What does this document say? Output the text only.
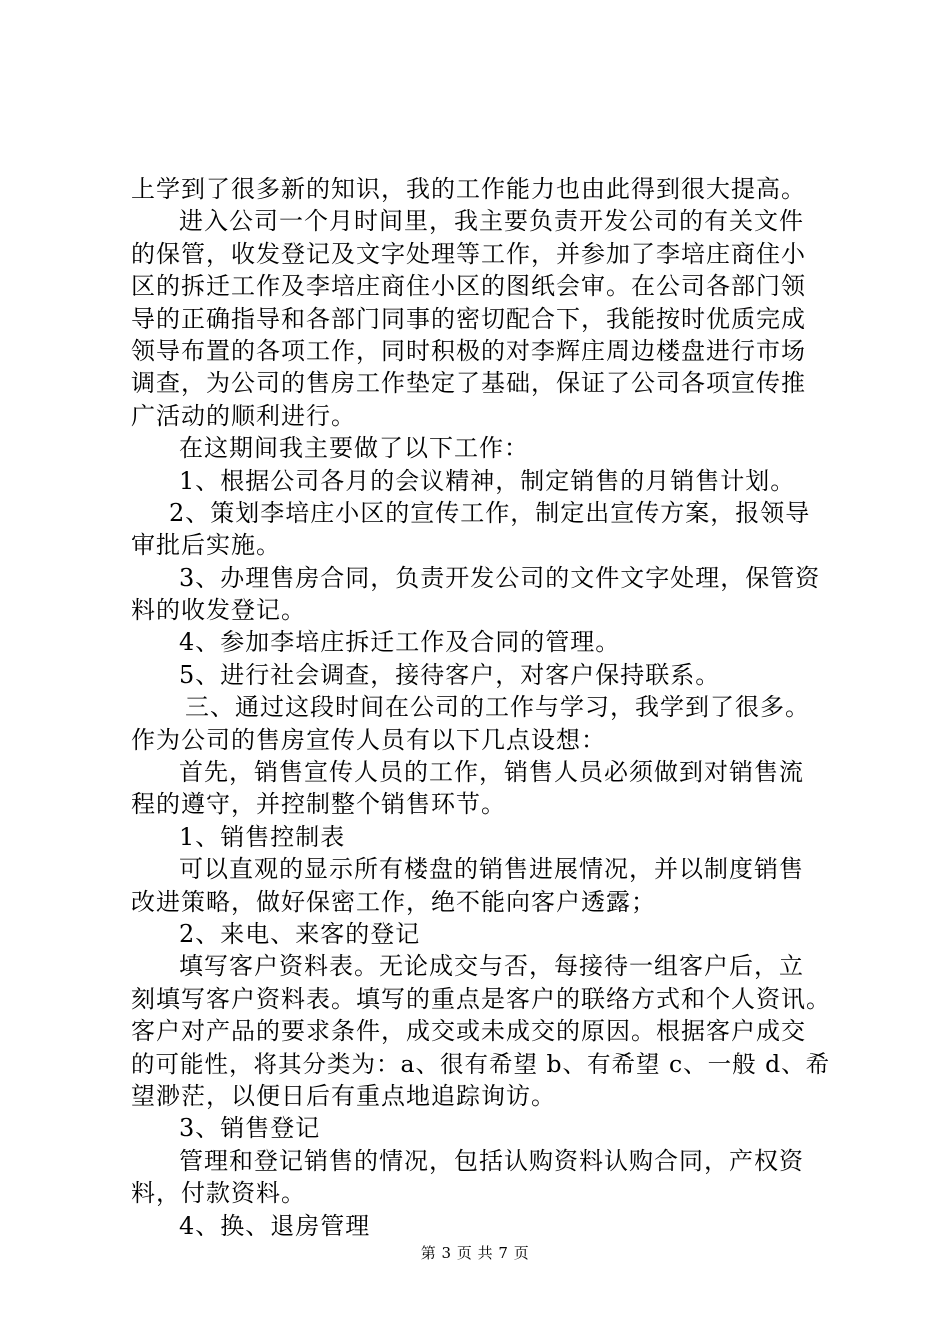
上学到了很多新的知识，我的工作能力也由此得到很大提高。
进入公司一个月时间里，我主要负责开发公司的有关文件
的保管，收发登记及文字处理等工作，并参加了李培庄商住小
区的拆迁工作及李培庄商住小区的图纸会审。在公司各部门领
导的正确指导和各部门同事的密切配合下，我能按时优质完成
领导布置的各项工作，同时积极的对李辉庄周边楼盘进行市场
调查，为公司的售房工作垫定了基础，保证了公司各项宣传推
广活动的顺利进行。
在这期间我主要做了以下工作：
1、根据公司各月的会议精神，制定销售的月销售计划。
2、策划李培庄小区的宣传工作，制定出宣传方案，报领导
审批后实施。
3、办理售房合同，负责开发公司的文件文字处理，保管资
料的收发登记。
4、参加李培庄拆迁工作及合同的管理。
5、进行社会调查，接待客户，对客户保持联系。
三、通过这段时间在公司的工作与学习，我学到了很多。
作为公司的售房宣传人员有以下几点设想：
首先，销售宣传人员的工作，销售人员必须做到对销售流
程的遵守，并控制整个销售环节。
1、销售控制表
可以直观的显示所有楼盘的销售进展情况，并以制度销售
改进策略，做好保密工作，绝不能向客户透露；
2、来电、来客的登记
填写客户资料表。无论成交与否，每接待一组客户后，立
刻填写客户资料表。填写的重点是客户的联络方式和个人资讯。
客户对产品的要求条件，成交或未成交的原因。根据客户成交
的可能性，将其分类为：a、很有希望 b、有希望 c、一般 d、希
望渺茫，以便日后有重点地追踪询访。
3、销售登记
管理和登记销售的情况，包括认购资料认购合同，产权资
料，付款资料。
4、换、退房管理
第 3 页 共 7 页
